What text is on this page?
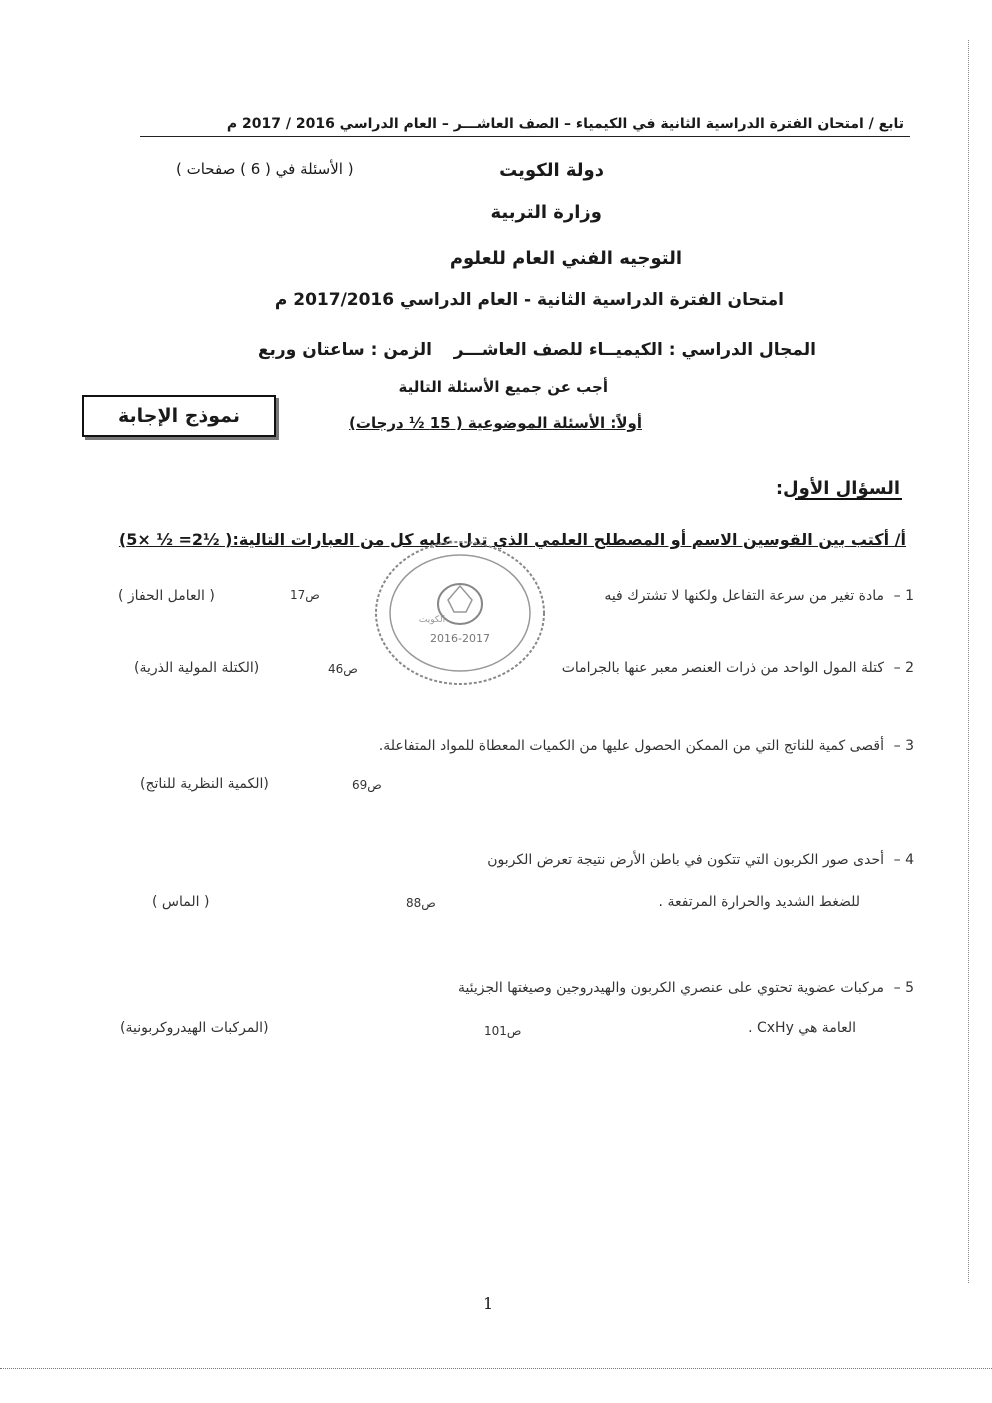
تابع / امتحان الفترة الدراسية الثانية في الكيمياء – الصف العاشـــر – العام الدراسي 2016 / 2017 م
دولة الكويت
( الأسئلة في ( 6 ) صفحات )
وزارة التربية
التوجيه الفني العام للعلوم
امتحان الفترة الدراسية الثانية - العام الدراسي 2017/2016 م
المجال الدراسي : الكيميــاء للصف العاشـــر
الزمن : ساعتان وربع
أجب عن جميع الأسئلة التالية
أولاً: الأسئلة الموضوعية ( 15 ½ درجات)
نموذج الإجابة
السؤال الأول:
أ/ أكتب بين القوسين الاسم أو المصطلح العلمي الذي تدل عليه كل من العبارات التالية:( ½2= ½ ×5)
1 –
مادة تغير من سرعة التفاعل ولكنها لا تشترك فيه
ص17
( العامل الحفاز )
2 –
كتلة المول الواحد من ذرات العنصر معبر عنها بالجرامات
ص46
(الكتلة المولية الذرية)
3 –
أقصى كمية للناتج التي من الممكن الحصول عليها من الكميات المعطاة للمواد المتفاعلة.
ص69
(الكمية النظرية للناتج)
4 –
أحدى صور الكربون التي تتكون في باطن الأرض نتيجة تعرض الكربون
للضغط الشديد والحرارة المرتفعة .
ص88
( الماس )
5 –
مركبات عضوية تحتوي على عنصري الكربون والهيدروجين وصيغتها الجزيئية
العامة هي CxHy .
ص101
(المركبات الهيدروكربونية)
2016-2017
الكويت
1
